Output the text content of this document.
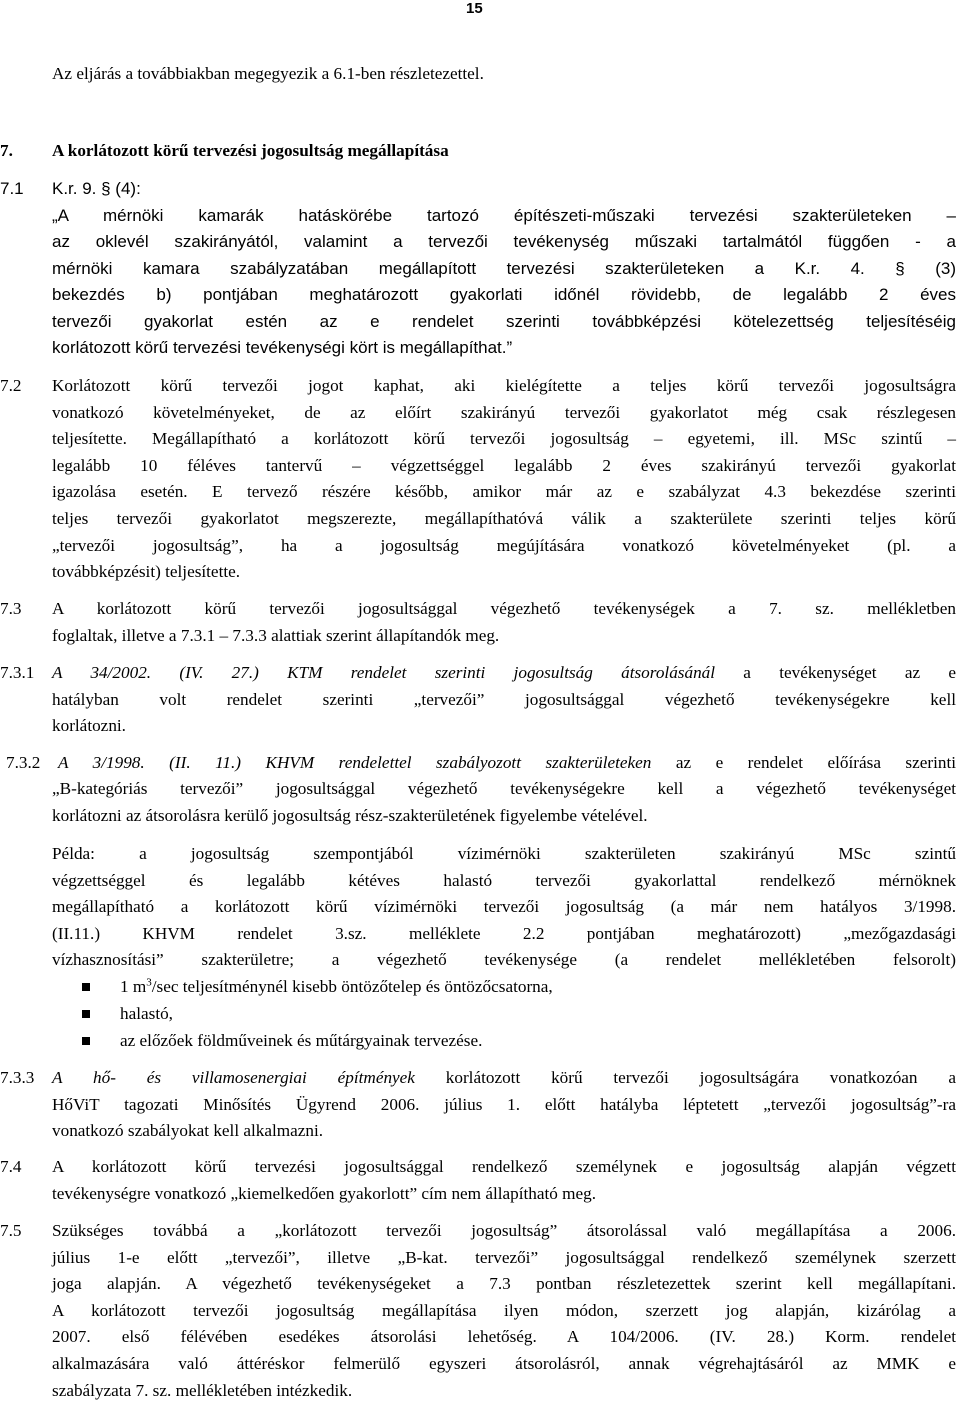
15
Az eljárás a továbbiakban megegyezik a 6.1-ben részletezettel.
7. A korlátozott körű tervezési jogosultság megállapítása
7.1 K.r. 9. § (4):
„A mérnöki kamarák hatáskörébe tartozó építészeti-műszaki tervezési szakterületeken –
az oklevél szakirányától, valamint a tervezői tevékenység műszaki tartalmától függően - a
mérnöki kamara szabályzatában megállapított tervezési szakterületeken a K.r. 4. § (3)
bekezdés b) pontjában meghatározott gyakorlati időnél rövidebb, de legalább 2 éves
tervezői gyakorlat estén az e rendelet szerinti továbbképzési kötelezettség teljesítéséig
korlátozott körű tervezési tevékenységi kört is megállapíthat.”
7.2 Korlátozott körű tervezői jogot kaphat, aki kielégítette a teljes körű tervezői jogosultságra
vonatkozó követelményeket, de az előírt szakirányú tervezői gyakorlatot még csak részlegesen
teljesítette. Megállapítható a korlátozott körű tervezői jogosultság – egyetemi, ill. MSc szintű –
legalább 10 féléves tantervű – végzettséggel legalább 2 éves szakirányú tervezői gyakorlat
igazolása esetén. E tervező részére később, amikor már az e szabályzat 4.3 bekezdése szerinti
teljes tervezői gyakorlatot megszerezte, megállapíthatóvá válik a szakterülete szerinti teljes körű
„tervezői jogosultság”, ha a jogosultság megújítására vonatkozó követelményeket (pl. a
továbbképzésit) teljesítette.
7.3 A korlátozott körű tervezői jogosultsággal végezhető tevékenységek a 7. sz. mellékletben
foglaltak, illetve a 7.3.1 – 7.3.3 alattiak szerint állapítandók meg.
7.3.1 A 34/2002. (IV. 27.) KTM rendelet szerinti jogosultság átsorolásánál a tevékenységet az e
hatályban volt rendelet szerinti „tervezői” jogosultsággal végezhető tevékenységekre kell
korlátozni.
7.3.2 A 3/1998. (II. 11.) KHVM rendelettel szabályozott szakterületeken az e rendelet előírása szerinti
„B-kategóriás tervezői” jogosultsággal végezhető tevékenységekre kell a végezhető tevékenységet
korlátozni az átsorolásra kerülő jogosultság rész-szakterületének figyelembe vételével.
Példa: a jogosultság szempontjából vízimérnöki szakterületen szakirányú MSc szintű
végzettséggel és legalább kétéves halastó tervezői gyakorlattal rendelkező mérnöknek
megállapítható a korlátozott körű vízimérnöki tervezői jogosultság (a már nem hatályos 3/1998.
(II.11.) KHVM rendelet 3.sz. melléklete 2.2 pontjában meghatározott) „mezőgazdasági
vízhasznosítási” szakterületre; a végezhető tevékenysége (a rendelet mellékletében felsorolt)
1 $m^3/\sec$ teljesítménynél kisebb öntözőtelep és öntözőcsatorna,
halastó,
az előzőek földműveinek és műtárgyainak tervezése.
7.3.3 A hő- és villamosenergiai építmények korlátozott körű tervezői jogosultságára vonatkozóan a
HőViT tagozati Minősítés Ügyrend 2006. július 1. előtt hatályba léptetett „tervezői jogosultság”-ra
vonatkozó szabályokat kell alkalmazni.
7.4 A korlátozott körű tervezési jogosultsággal rendelkező személynek e jogosultság alapján végzett
tevékenységre vonatkozó „kiemelkedően gyakorlott” cím nem állapítható meg.
7.5 Szükséges továbbá a „korlátozott tervezői jogosultság” átsorolással való megállapítása a 2006.
július 1-e előtt „tervezői”, illetve „B-kat. tervezői” jogosultsággal rendelkező személynek szerzett
joga alapján. A végezhető tevékenységeket a 7.3 pontban részletezettek szerint kell megállapítani.
A korlátozott tervezői jogosultság megállapítása ilyen módon, szerzett jog alapján, kizárólag a
2007. első félévében esedékes átsorolási lehetőség. A 104/2006. (IV. 28.) Korm. rendelet
alkalmazására való áttéréskor felmerülő egyszeri átsorolásról, annak végrehajtásáról az MMK e
szabályzata 7. sz. mellékletében intézkedik.
